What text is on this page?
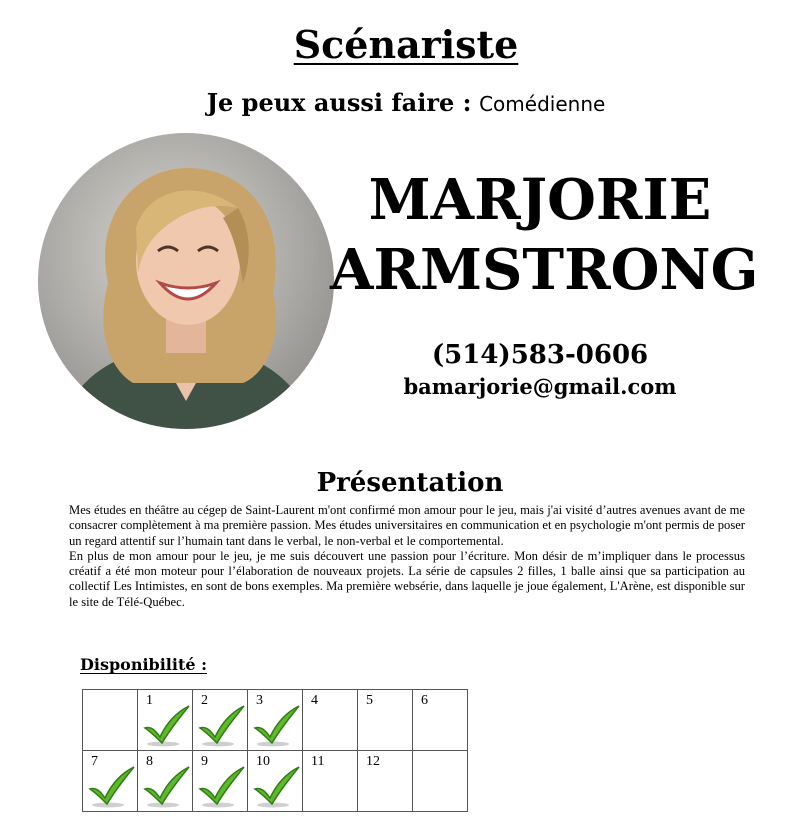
Scénariste
Je peux aussi faire : Comédienne
MARJORIE
ARMSTRONG
(514)583-0606
bamarjorie@gmail.com
Présentation

Mes études en théâtre au cégep de Saint-Laurent m'ont confirmé mon amour pour le jeu, mais j'ai visité d’autres avenues avant de me consacrer complètement à ma première passion. Mes études universitaires en communication et en psychologie m'ont permis de poser un regard attentif sur l’humain tant dans le verbal, le non-verbal et le comportemental.

En plus de mon amour pour le jeu, je me suis découvert une passion pour l’écriture. Mon désir de m’impliquer dans le processus créatif a été mon moteur pour l’élaboration de nouveaux projets. La série de capsules 2 filles, 1 balle ainsi que sa participation au collectif Les Intimistes, en sont de bons exemples. Ma première websérie, dans laquelle je joue également, L'Arène, est disponible sur le site de Télé-Québec.

Disponibilité :

	1	2	3	4	5	6

7	8	9	10	11	12	
